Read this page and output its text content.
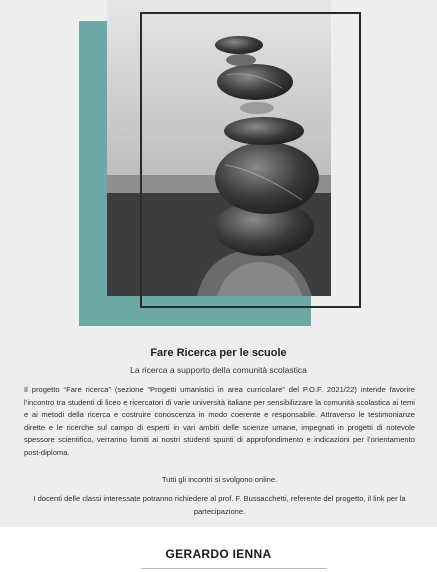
Fare Ricerca per le scuole

La ricerca a supporto della comunità scolastica

Il progetto “Fare ricerca” (sezione “Progetti umanistici in area curricolare” del P.O.F. 2021/22) intende favorire l’incontro tra studenti di liceo e ricercatori di varie università italiane per sensibilizzare la comunità scolastica ai temi e ai metodi della ricerca e costruire conoscenza in modo coerente e responsabile. Attraverso le testimonianze dirette e le ricerche sul campo di esperti in vari ambiti delle scienze umane, impegnati in progetti di notevole spessore scientifico, verranno forniti ai nostri studenti spunti di approfondimento e indicazioni per l’orientamento post-diploma.

Tutti gli incontri si svolgono online.

I docenti delle classi interessate potranno richiedere al prof. F. Bussacchetti, referente del progetto, il link per la partecipazione.

GERARDO IENNA
